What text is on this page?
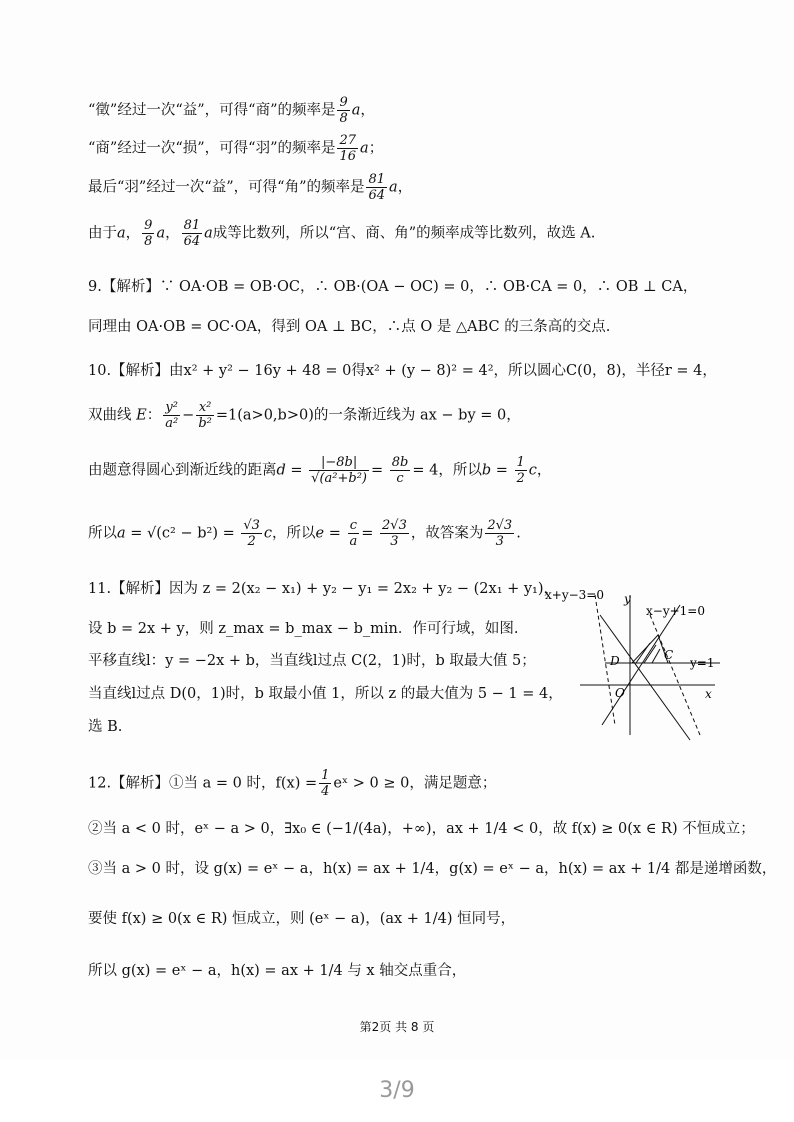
“徵”经过一次“益”，可得“商”的频率是 $\frac{9}{8}$ a，
“商”经过一次“损”，可得“羽”的频率是 $\frac{27}{16}$ a；
最后“羽”经过一次“益”，可得“角”的频率是 $\frac{81}{64}$ a，
由于a， $\frac{9}{8}$ a， $\frac{81}{64}$ a成等比数列，所以“宫、商、角”的频率成等比数列，故选 A.
9.【解析】∵ OA·OB = OB·OC，∴ OB·(OA − OC) = 0，∴ OB·CA = 0，∴ OB ⊥ CA，
同理由 OA·OB = OC·OA，得到 OA ⊥ BC，∴点 O 是 △ABC 的三条高的交点.
10.【解析】由x² + y² − 16y + 48 = 0得x² + (y − 8)² = 4²，所以圆心C(0，8)，半径r = 4，
双曲线 E： $\frac{\text{y²}}{\text{a²}} - \frac{\text{x²}}{\text{b²}} =1(a>0,b>0)$的一条渐近线为 ax − by = 0，
由题意得圆心到渐近线的距离$d = \frac{|-8b|}{\text{√(a²+b²)}} = \frac{8b}{c} = 4$，所以$b = \frac{1}{2}$ c，
所以$a = √(c^2 - b^2) = \frac{√3}{2}$ c，所以$e = \frac{c}{a} = \frac{2√3}{3}$ ，故答案为 $\frac{2√3}{3}$ .
11.【解析】因为 z = 2(x₂ − x₁) + y₂ − y₁ = 2x₂ + y₂ − (2x₁ + y₁)，
设 b = 2x + y，则 z_max = b_max − b_min．作可行域，如图.
平移直线l：y = −2x + b，当直线l过点 C(2，1)时，b 取最大值 5；
当直线l过点 D(0，1)时，b 取最小值 1，所以 z 的最大值为 5 − 1 = 4，
选 B.
x+y−3=0
x−y+1=0
y=1
y
x
O
D	C
12.【解析】①当 a = 0 时，$f(x) = \frac{1}{4}$ eˣ > 0 ≥ 0，满足题意；
②当 a < 0 时，eˣ − a > 0，∃x₀ ∈ (−1/(4a)，+∞)，ax + 1/4 < 0，故 f(x) ≥ 0(x ∈ R) 不恒成立；
③当 a > 0 时，设 g(x) = eˣ − a，h(x) = ax + 1/4，g(x) = eˣ − a，h(x) = ax + 1/4 都是递增函数，
要使 f(x) ≥ 0(x ∈ R) 恒成立，则 (eˣ − a)，(ax + 1/4) 恒同号，
所以 g(x) = eˣ − a，h(x) = ax + 1/4 与 x 轴交点重合，
第2页 共 8 页
3/9
